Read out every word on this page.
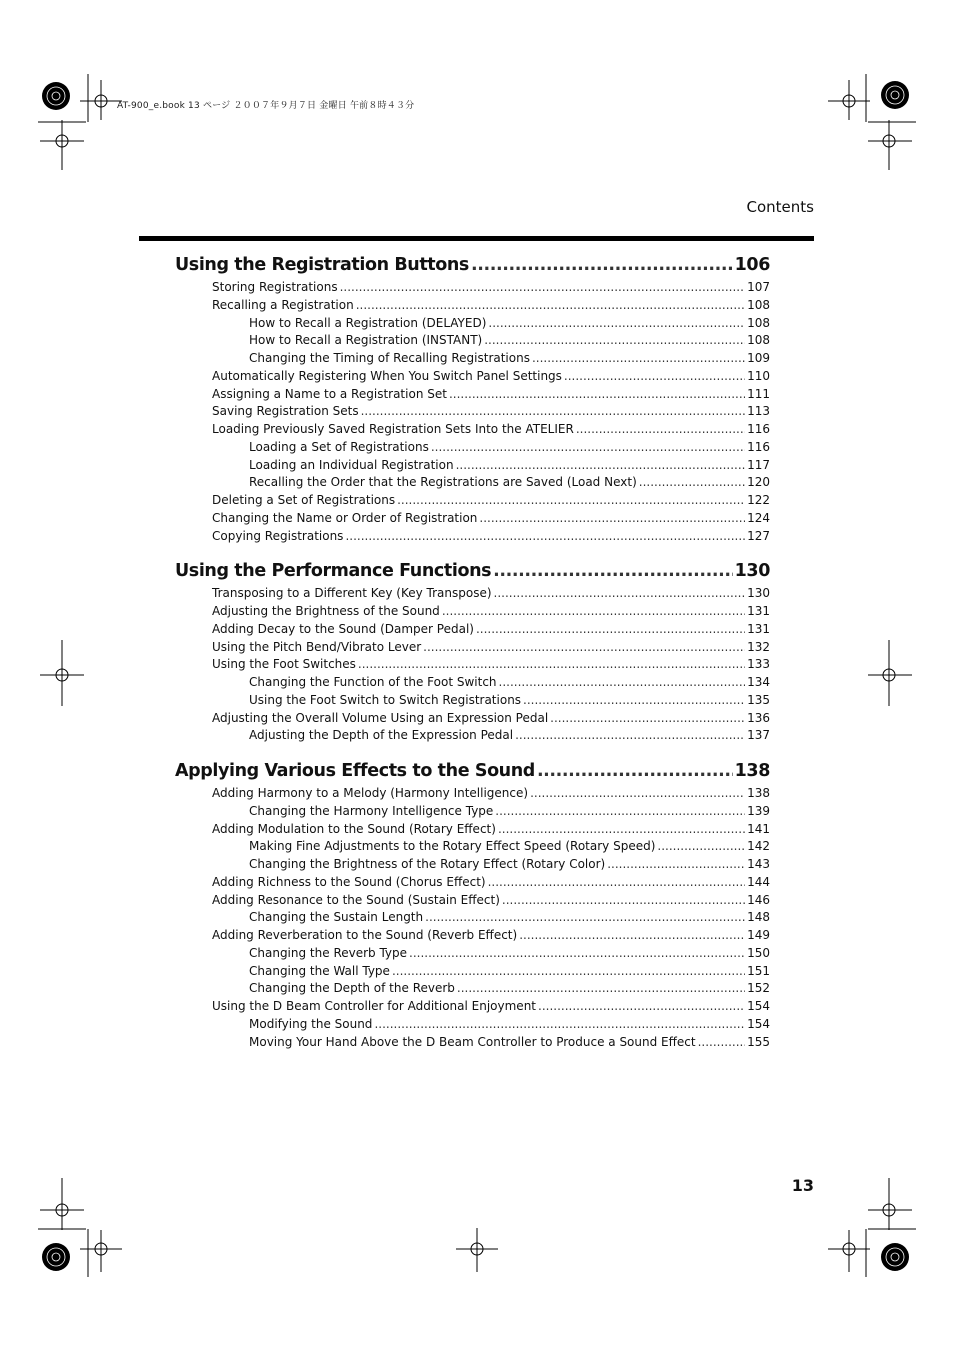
AT-900_e.book 13 ページ ２００７年９月７日 金曜日 午前８時４３分
Contents
Using the Registration Buttons .....	106
Storing Registrations .....	107
Recalling a Registration .....	108
How to Recall a Registration (DELAYED) .....	108
How to Recall a Registration (INSTANT) .....	108
Changing the Timing of Recalling Registrations .....	109
Automatically Registering When You Switch Panel Settings .....	110
Assigning a Name to a Registration Set .....	111
Saving Registration Sets .....	113
Loading Previously Saved Registration Sets Into the ATELIER .....	116
Loading a Set of Registrations .....	116
Loading an Individual Registration .....	117
Recalling the Order that the Registrations are Saved (Load Next) .....	120
Deleting a Set of Registrations .....	122
Changing the Name or Order of Registration .....	124
Copying Registrations .....	127
Using the Performance Functions .....	130
Transposing to a Different Key (Key Transpose) .....	130
Adjusting the Brightness of the Sound .....	131
Adding Decay to the Sound (Damper Pedal) .....	131
Using the Pitch Bend/Vibrato Lever .....	132
Using the Foot Switches .....	133
Changing the Function of the Foot Switch .....	134
Using the Foot Switch to Switch Registrations .....	135
Adjusting the Overall Volume Using an Expression Pedal .....	136
Adjusting the Depth of the Expression Pedal .....	137
Applying Various Effects to the Sound .....	138
Adding Harmony to a Melody (Harmony Intelligence) .....	138
Changing the Harmony Intelligence Type .....	139
Adding Modulation to the Sound (Rotary Effect) .....	141
Making Fine Adjustments to the Rotary Effect Speed (Rotary Speed) .....	142
Changing the Brightness of the Rotary Effect (Rotary Color) .....	143
Adding Richness to the Sound (Chorus Effect) .....	144
Adding Resonance to the Sound (Sustain Effect) .....	146
Changing the Sustain Length .....	148
Adding Reverberation to the Sound (Reverb Effect) .....	149
Changing the Reverb Type .....	150
Changing the Wall Type .....	151
Changing the Depth of the Reverb .....	152
Using the D Beam Controller for Additional Enjoyment .....	154
Modifying the Sound .....	154
Moving Your Hand Above the D Beam Controller to Produce a Sound Effect .....	155
13
